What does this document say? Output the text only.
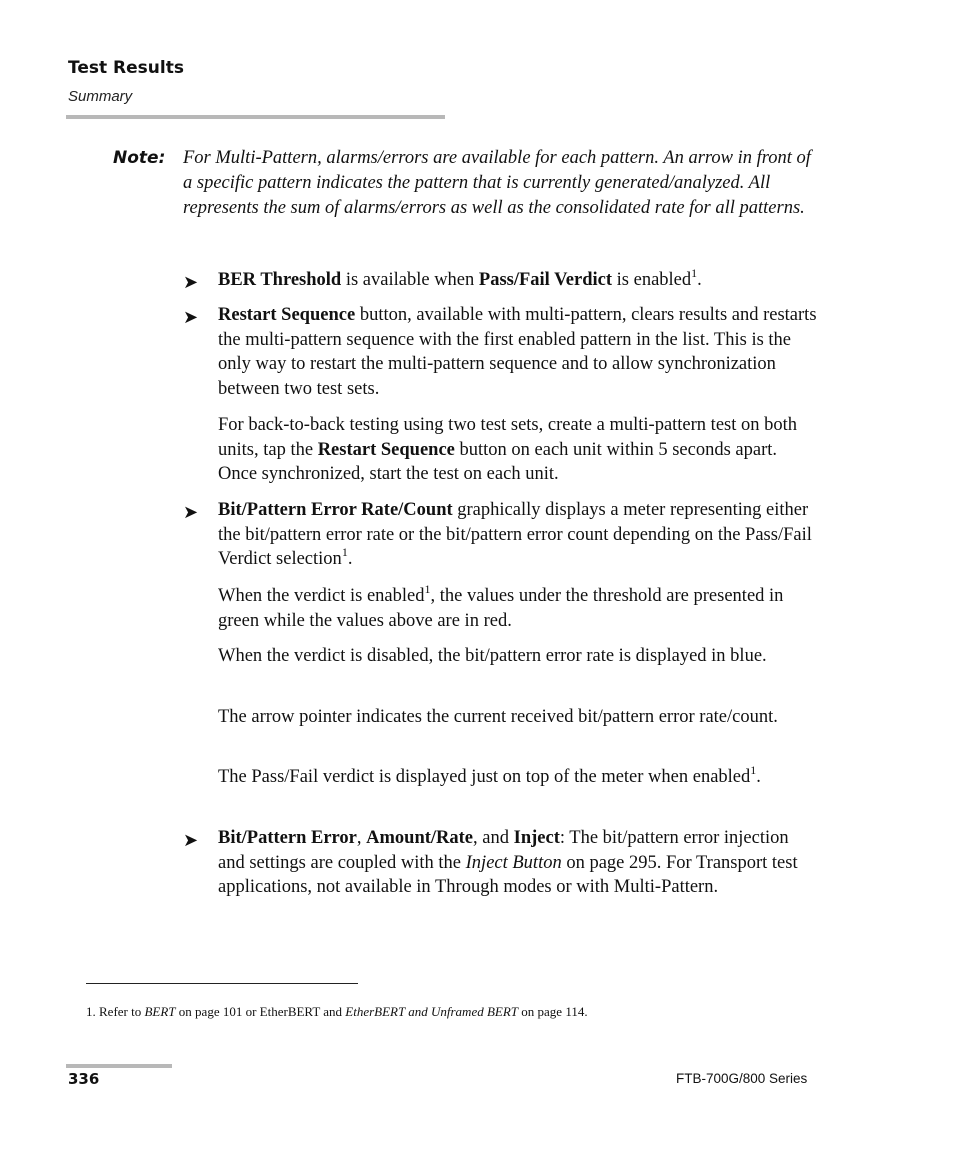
Test Results
Summary
Note: For Multi-Pattern, alarms/errors are available for each pattern. An arrow in front of a specific pattern indicates the pattern that is currently generated/analyzed. All represents the sum of alarms/errors as well as the consolidated rate for all patterns.
➤ BER Threshold is available when Pass/Fail Verdict is enabled$^1$.
➤ Restart Sequence button, available with multi-pattern, clears results and restarts the multi-pattern sequence with the first enabled pattern in the list. This is the only way to restart the multi-pattern sequence and to allow synchronization between two test sets.
For back-to-back testing using two test sets, create a multi-pattern test on both units, tap the Restart Sequence button on each unit within 5 seconds apart. Once synchronized, start the test on each unit.
➤ Bit/Pattern Error Rate/Count graphically displays a meter representing either the bit/pattern error rate or the bit/pattern error count depending on the Pass/Fail Verdict selection$^1$.
When the verdict is enabled$^1$, the values under the threshold are presented in green while the values above are in red.
When the verdict is disabled, the bit/pattern error rate is displayed in blue.
The arrow pointer indicates the current received bit/pattern error rate/count.
The Pass/Fail verdict is displayed just on top of the meter when enabled$^1$.
➤ Bit/Pattern Error, Amount/Rate, and Inject: The bit/pattern error injection and settings are coupled with the Inject Button on page 295. For Transport test applications, not available in Through modes or with Multi-Pattern.
1. Refer to BERT on page 101 or EtherBERT and EtherBERT and Unframed BERT on page 114.
336	FTB-700G/800 Series
